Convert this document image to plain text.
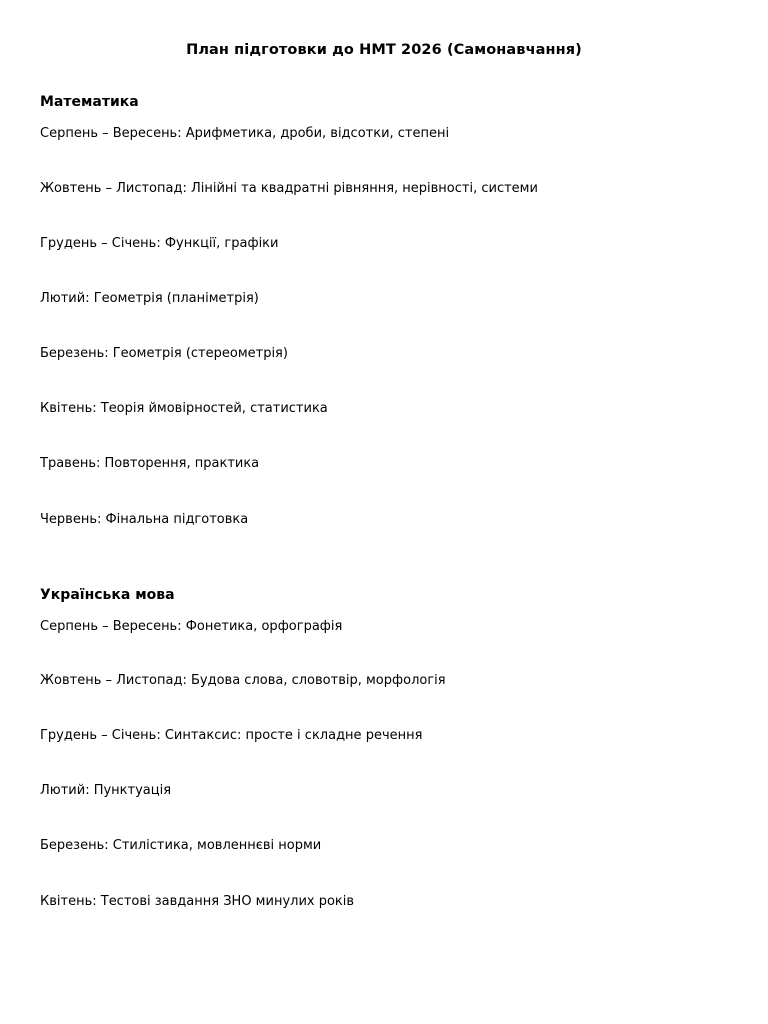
План підготовки до НМТ 2026 (Самонавчання)
Математика
Серпень – Вересень: Арифметика, дроби, відсотки, степені
Жовтень – Листопад: Лінійні та квадратні рівняння, нерівності, системи
Грудень – Січень: Функції, графіки
Лютий: Геометрія (планіметрія)
Березень: Геометрія (стереометрія)
Квітень: Теорія ймовірностей, статистика
Травень: Повторення, практика
Червень: Фінальна підготовка
Українська мова
Серпень – Вересень: Фонетика, орфографія
Жовтень – Листопад: Будова слова, словотвір, морфологія
Грудень – Січень: Синтаксис: просте і складне речення
Лютий: Пунктуація
Березень: Стилістика, мовленнєві норми
Квітень: Тестові завдання ЗНО минулих років
